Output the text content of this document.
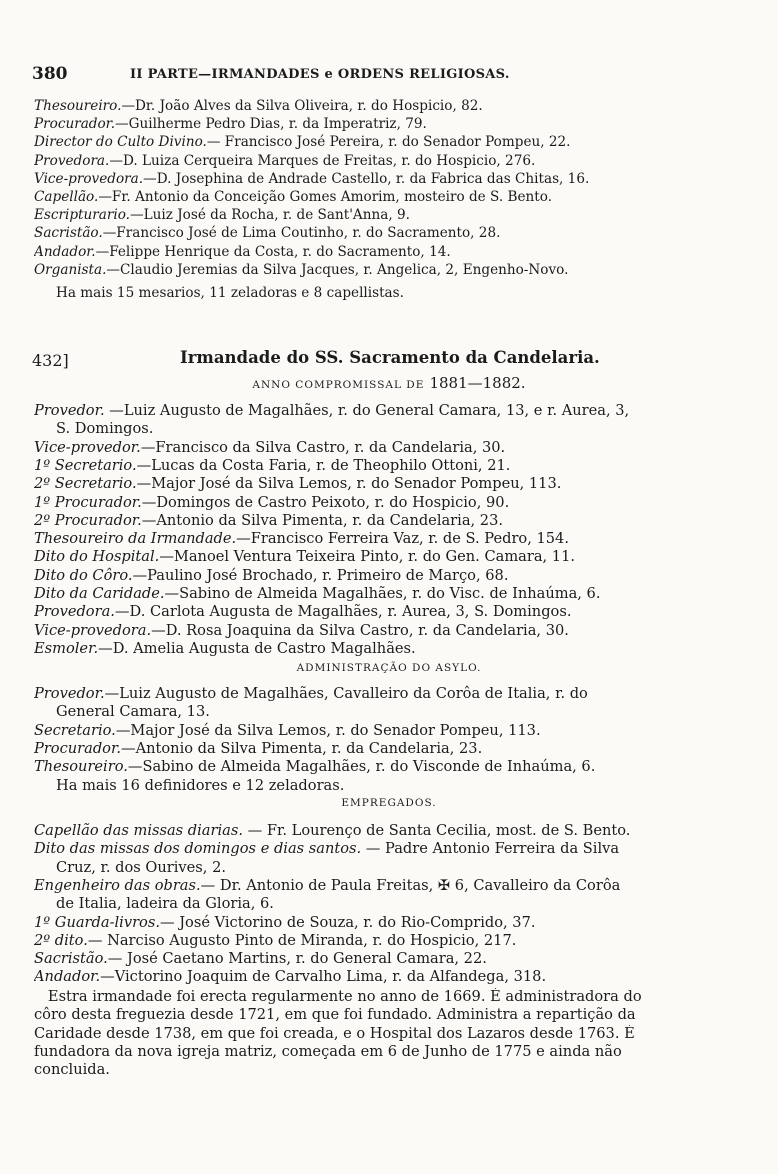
380	II PARTE—IRMANDADES e ORDENS RELIGIOSAS.
Thesoureiro.—Dr. João Alves da Silva Oliveira, r. do Hospicio, 82.
Procurador.—Guilherme Pedro Dias, r. da Imperatriz, 79.
Director do Culto Divino.— Francisco José Pereira, r. do Senador Pompeu, 22.
Provedora.—D. Luiza Cerqueira Marques de Freitas, r. do Hospicio, 276.
Vice-provedora.—D. Josephina de Andrade Castello, r. da Fabrica das Chitas, 16.
Capellão.—Fr. Antonio da Conceição Gomes Amorim, mosteiro de S. Bento.
Escripturario.—Luiz José da Rocha, r. de Sant'Anna, 9.
Sacristão.—Francisco José de Lima Coutinho, r. do Sacramento, 28.
Andador.—Felippe Henrique da Costa, r. do Sacramento, 14.
Organista.—Claudio Jeremias da Silva Jacques, r. Angelica, 2, Engenho-Novo.
Ha mais 15 mesarios, 11 zeladoras e 8 capellistas.
432]	Irmandade do SS. Sacramento da Candelaria.
ANNO COMPROMISSAL DE 1881—1882.
Provedor. —Luiz Augusto de Magalhães, r. do General Camara, 13, e r. Aurea, 3,
S. Domingos.
Vice-provedor.—Francisco da Silva Castro, r. da Candelaria, 30.
1º Secretario.—Lucas da Costa Faria, r. de Theophilo Ottoni, 21.
2º Secretario.—Major José da Silva Lemos, r. do Senador Pompeu, 113.
1º Procurador.—Domingos de Castro Peixoto, r. do Hospicio, 90.
2º Procurador.—Antonio da Silva Pimenta, r. da Candelaria, 23.
Thesoureiro da Irmandade.—Francisco Ferreira Vaz, r. de S. Pedro, 154.
Dito do Hospital.—Manoel Ventura Teixeira Pinto, r. do Gen. Camara, 11.
Dito do Côro.—Paulino José Brochado, r. Primeiro de Março, 68.
Dito da Caridade.—Sabino de Almeida Magalhães, r. do Visc. de Inhaúma, 6.
Provedora.—D. Carlota Augusta de Magalhães, r. Aurea, 3, S. Domingos.
Vice-provedora.—D. Rosa Joaquina da Silva Castro, r. da Candelaria, 30.
Esmoler.—D. Amelia Augusta de Castro Magalhães.
ADMINISTRAÇÃO DO ASYLO.
Provedor.—Luiz Augusto de Magalhães, Cavalleiro da Corôa de Italia, r. do
General Camara, 13.
Secretario.—Major José da Silva Lemos, r. do Senador Pompeu, 113.
Procurador.—Antonio da Silva Pimenta, r. da Candelaria, 23.
Thesoureiro.—Sabino de Almeida Magalhães, r. do Visconde de Inhaúma, 6.
Ha mais 16 definidores e 12 zeladoras.
EMPREGADOS.
Capellão das missas diarias. — Fr. Lourenço de Santa Cecilia, most. de S. Bento.
Dito das missas dos domingos e dias santos. — Padre Antonio Ferreira da Silva
Cruz, r. dos Ourives, 2.
Engenheiro das obras.— Dr. Antonio de Paula Freitas, ✠ 6, Cavalleiro da Corôa
de Italia, ladeira da Gloria, 6.
1º Guarda-livros.— José Victorino de Souza, r. do Rio-Comprido, 37.
2º dito.— Narciso Augusto Pinto de Miranda, r. do Hospicio, 217.
Sacristão.— José Caetano Martins, r. do General Camara, 22.
Andador.—Victorino Joaquim de Carvalho Lima, r. da Alfandega, 318.
Estra irmandade foi erecta regularmente no anno de 1669. É administradora do
côro desta freguezia desde 1721, em que foi fundado. Administra a repartição da
Caridade desde 1738, em que foi creada, e o Hospital dos Lazaros desde 1763. É
fundadora da nova igreja matriz, começada em 6 de Junho de 1775 e ainda não
concluida.
